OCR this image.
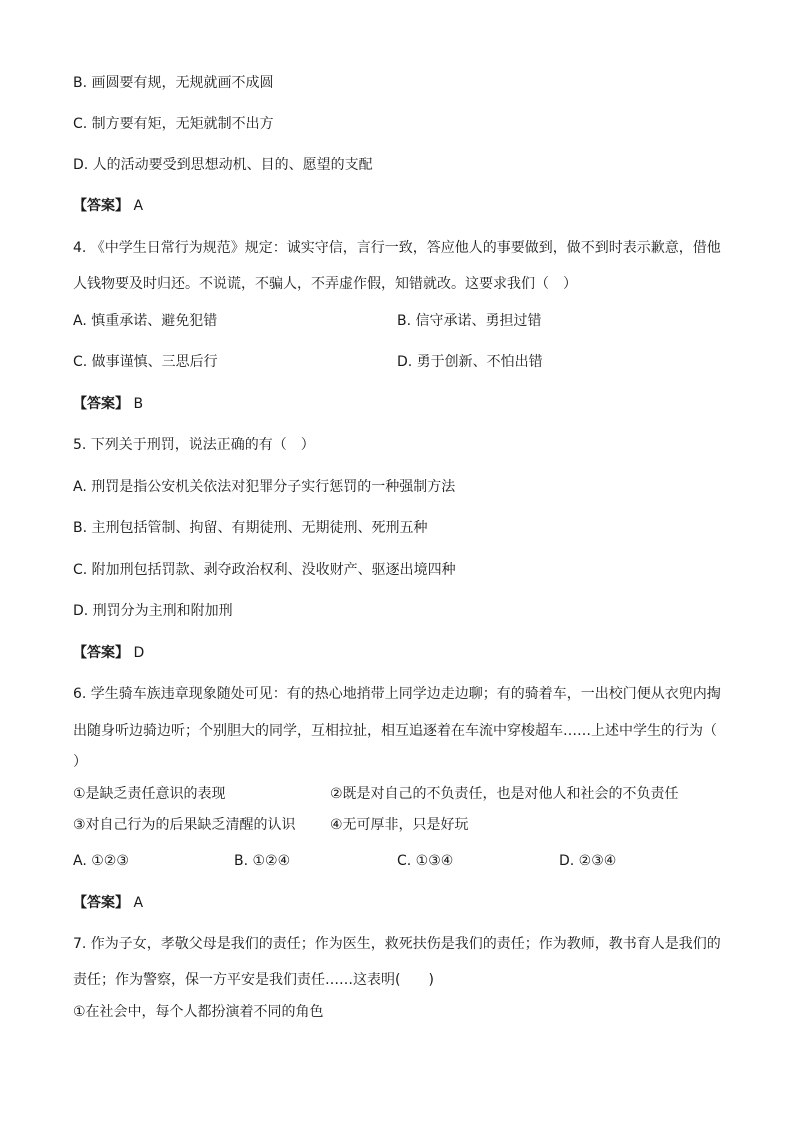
B. 画圆要有规，无规就画不成圆
C. 制方要有矩，无矩就制不出方
D. 人的活动要受到思想动机、目的、愿望的支配
【答案】 A
4. 《中学生日常行为规范》规定：诚实守信，言行一致，答应他人的事要做到，做不到时表示歉意，借他
人钱物要及时归还。不说谎，不骗人，不弄虚作假，知错就改。这要求我们（　）
A. 慎重承诺、避免犯错	B. 信守承诺、勇担过错
C. 做事谨慎、三思后行	D. 勇于创新、不怕出错
【答案】 B
5. 下列关于刑罚，说法正确的有（　）
A. 刑罚是指公安机关依法对犯罪分子实行惩罚的一种强制方法
B. 主刑包括管制、拘留、有期徒刑、无期徒刑、死刑五种
C. 附加刑包括罚款、剥夺政治权利、没收财产、驱逐出境四种
D. 刑罚分为主刑和附加刑
【答案】 D
6. 学生骑车族违章现象随处可见：有的热心地捎带上同学边走边聊；有的骑着车，一出校门便从衣兜内掏
出随身听边骑边听；个别胆大的同学，互相拉扯，相互追逐着在车流中穿梭超车……上述中学生的行为（
）
①是缺乏责任意识的表现	②既是对自己的不负责任，也是对他人和社会的不负责任
③对自己行为的后果缺乏清醒的认识 ④无可厚非，只是好玩
A. ①②③	B. ①②④	C. ①③④	D. ②③④
【答案】 A
7. 作为子女，孝敬父母是我们的责任；作为医生，救死扶伤是我们的责任；作为教师，教书育人是我们的
责任；作为警察，保一方平安是我们责任……这表明(　　)
①在社会中，每个人都扮演着不同的角色
